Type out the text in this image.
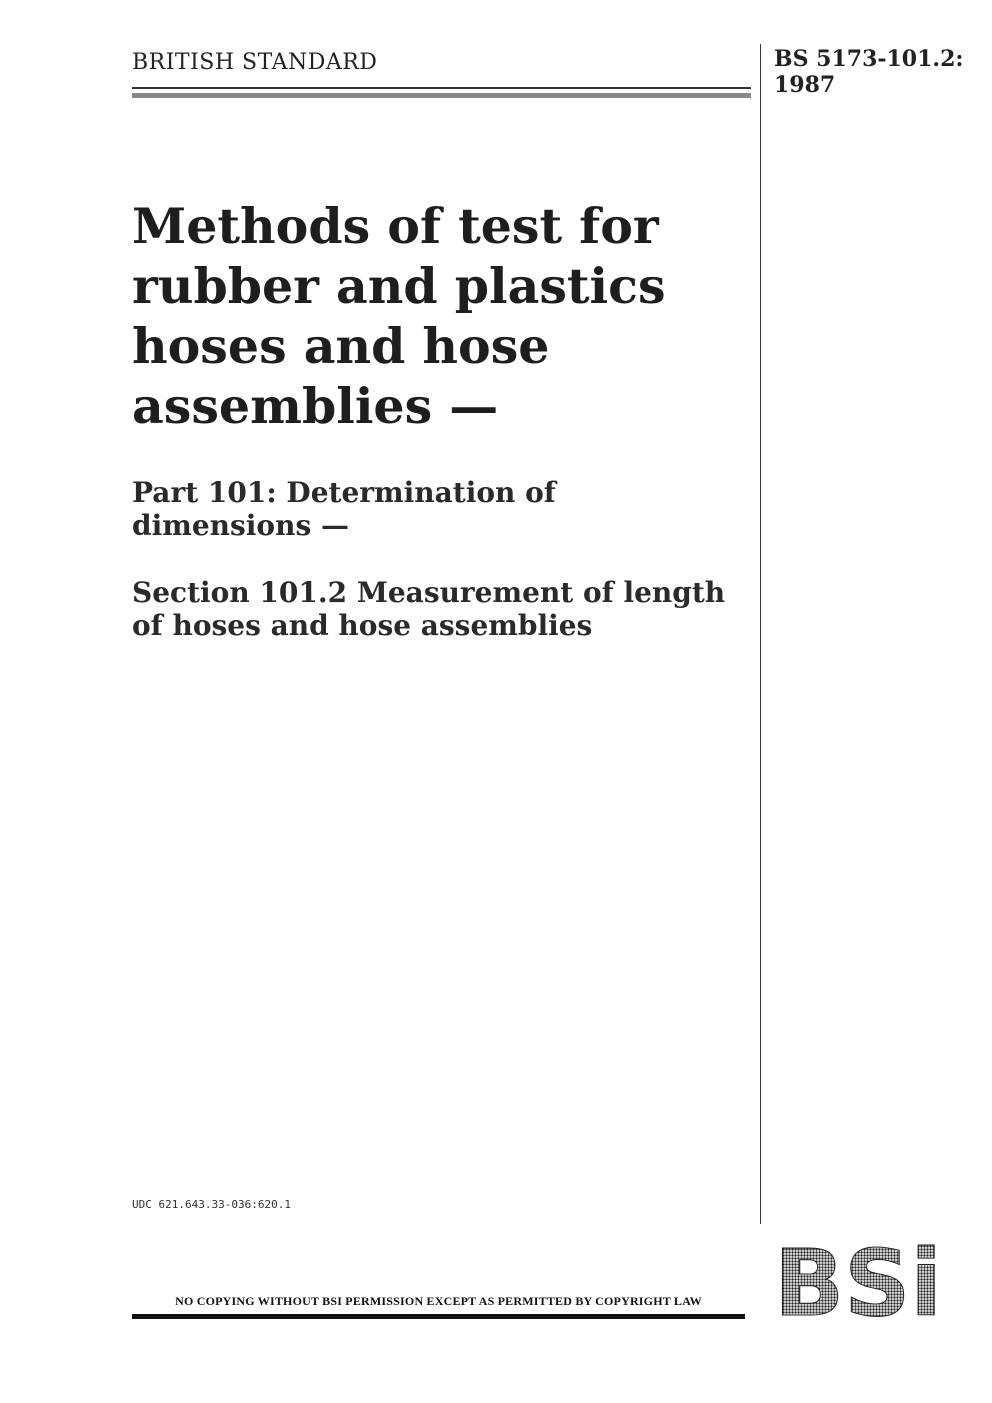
BRITISH STANDARD	BS 5173-101.2: 1987
Methods of test for rubber and plastics hoses and hose assemblies —
Part 101: Determination of dimensions —
Section 101.2 Measurement of length of hoses and hose assemblies
UDC 621.643.33-036:620.1
NO COPYING WITHOUT BSI PERMISSION EXCEPT AS PERMITTED BY COPYRIGHT LAW BSi
